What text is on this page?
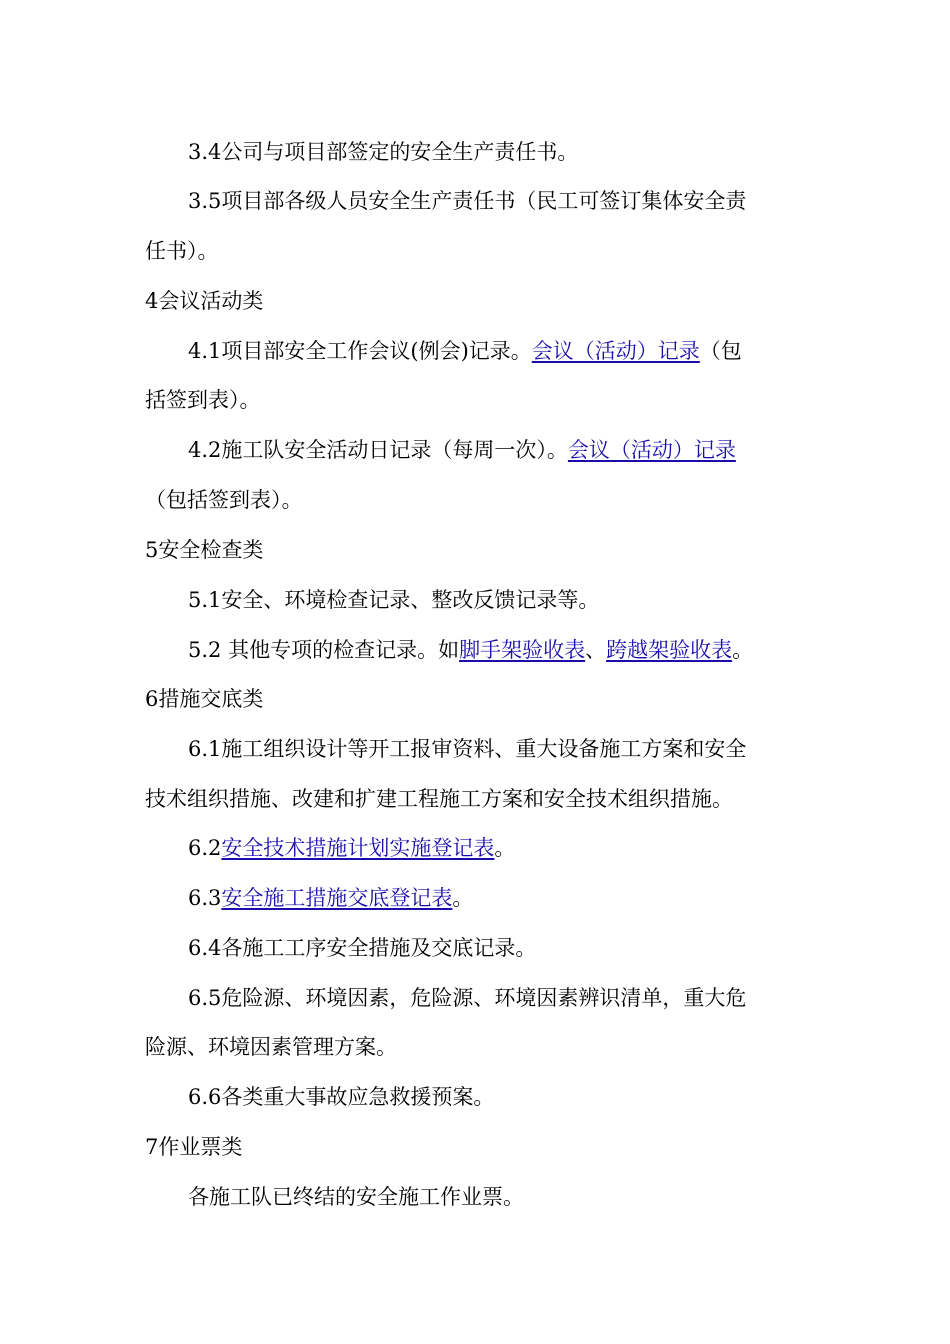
3.4公司与项目部签定的安全生产责任书。
3.5项目部各级人员安全生产责任书（民工可签订集体安全责
任书）。
4会议活动类
4.1项目部安全工作会议(例会)记录。会议（活动）记录（包
括签到表）。
4.2施工队安全活动日记录（每周一次）。会议（活动）记录
（包括签到表）。
5安全检查类
5.1安全、环境检查记录、整改反馈记录等。
5.2 其他专项的检查记录。如脚手架验收表、跨越架验收表。
6措施交底类
6.1施工组织设计等开工报审资料、重大设备施工方案和安全
技术组织措施、改建和扩建工程施工方案和安全技术组织措施。
6.2安全技术措施计划实施登记表。
6.3安全施工措施交底登记表。
6.4各施工工序安全措施及交底记录。
6.5危险源、环境因素，危险源、环境因素辨识清单，重大危
险源、环境因素管理方案。
6.6各类重大事故应急救援预案。
7作业票类
各施工队已终结的安全施工作业票。
